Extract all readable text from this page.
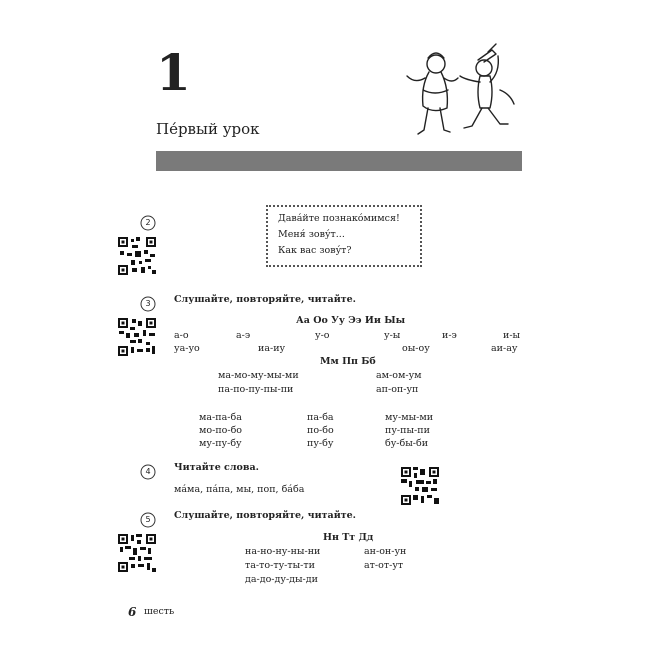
1
Пе́рвый урок
2	Дава́йте познако́мимся!
Меня́ зову́т...
Как вас зову́т?
3	Слушайте, повторяйте, читайте.
Аа Оо Уу Ээ Ии Ыы
а-о	а-э	у-о	у-ы	и-э	и-ы
уа-уо	иа-иу	оы-оу	аи-ау
Мм Пп Бб
ма-мо-му-мы-ми	ам-ом-ум
па-по-пу-пы-пи	ап-оп-уп
ма-па-ба	па-ба	му-мы-ми
мо-по-бо	по-бо	пу-пы-пи
му-пу-бу	пу-бу	бу-бы-би
4	Читайте слова.
ма́ма, па́па, мы, поп, ба́ба
5	Слушайте, повторяйте, читайте.
Нн Тт Дд
на-но-ну-ны-ни	ан-он-ун
та-то-ту-ты-ти	ат-от-ут
да-до-ду-ды-ди
6 шесть
